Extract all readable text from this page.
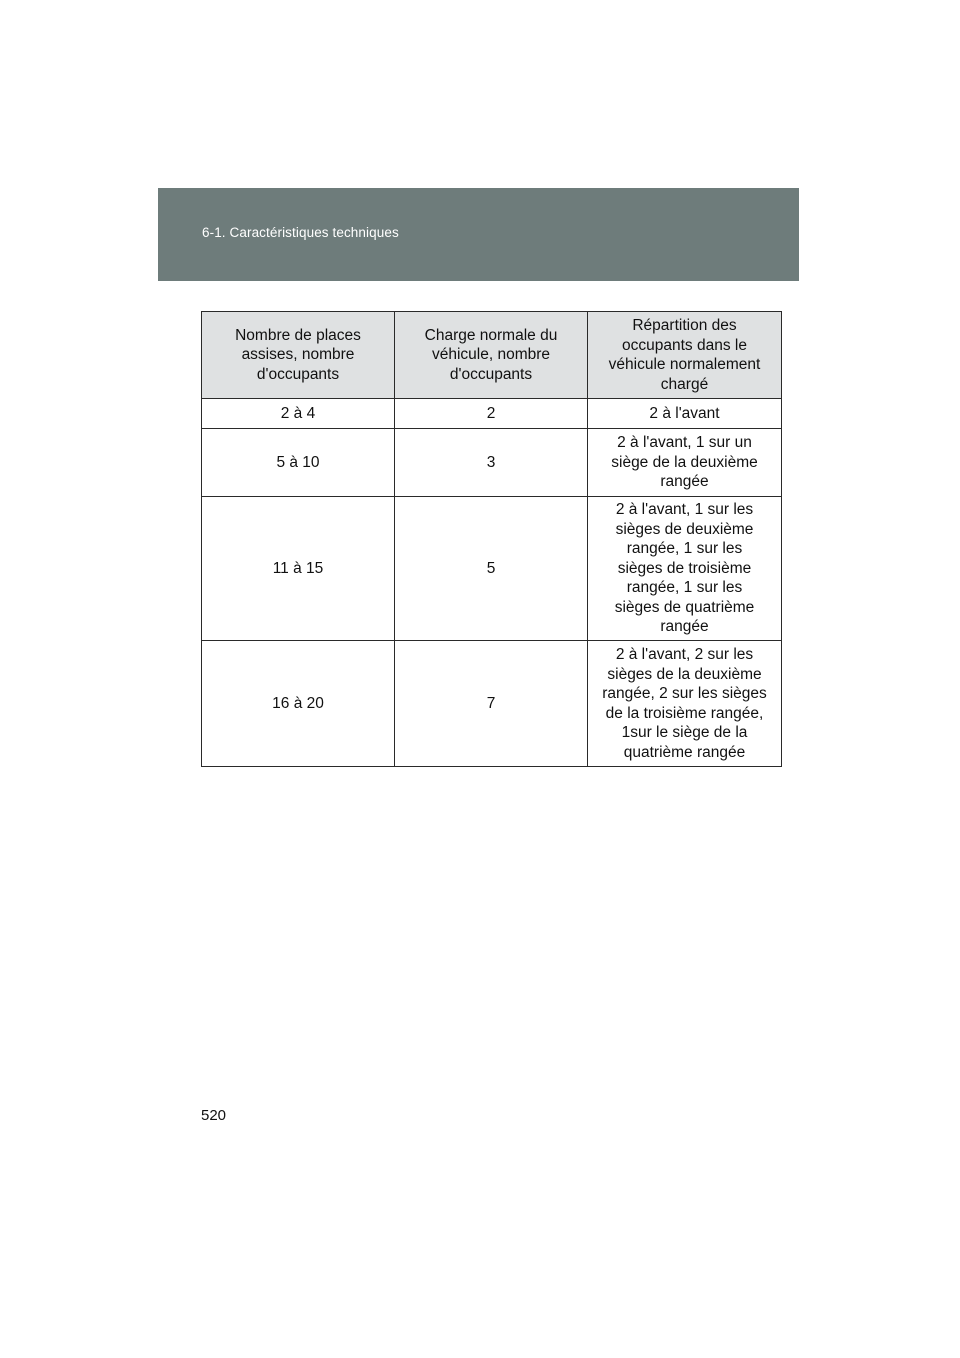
6-1. Caractéristiques techniques
Nombre de places assises, nombre d'occupants	Charge normale du véhicule, nombre d'occupants	Répartition des occupants dans le véhicule normalement chargé

2 à 4	2	2 à l'avant

5 à 10	3	2 à l'avant, 1 sur un siège de la deuxième rangée

11 à 15	5	2 à l'avant, 1 sur les sièges de deuxième rangée, 1 sur les sièges de troisième rangée, 1 sur les sièges de quatrième rangée

16 à 20	7	2 à l'avant, 2 sur les sièges de la deuxième rangée, 2 sur les sièges de la troisième rangée, 1sur le siège de la quatrième rangée
520
